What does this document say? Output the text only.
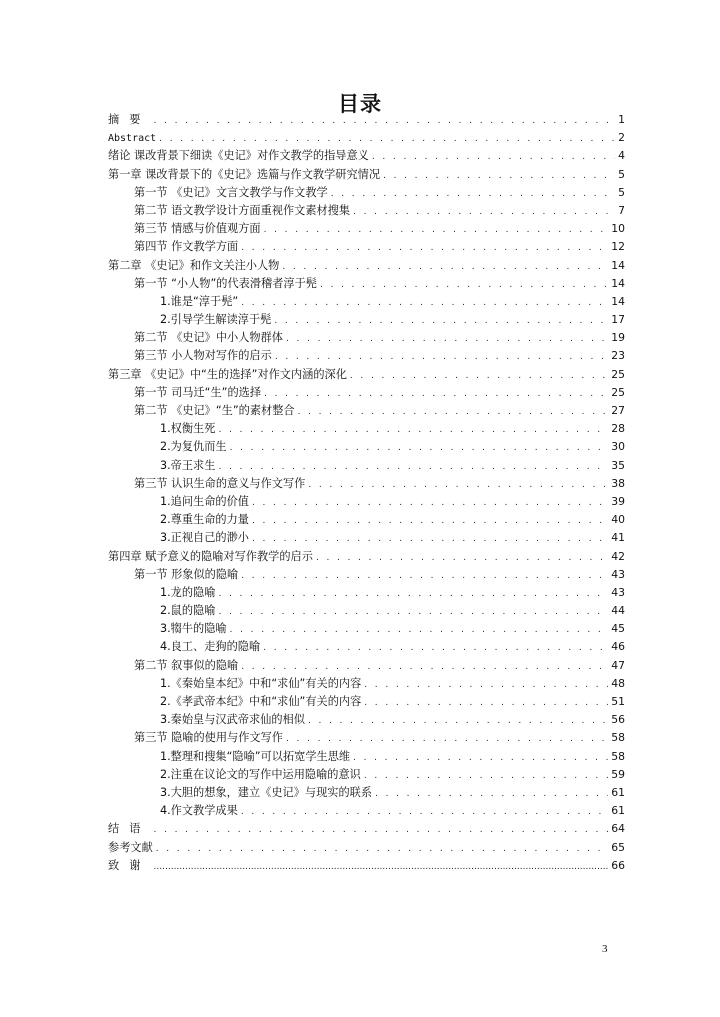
目录
摘要 . . .	1
Abstract . . .	2
绪论 课改背景下细读《史记》对作文教学的指导意义 . . .	4
第一章 课改背景下的《史记》选篇与作文教学研究情况 . . .	5
第一节 《史记》文言文教学与作文教学 . . .	5
第二节 语文教学设计方面重视作文素材搜集 . . .	7
第三节 情感与价值观方面 . . .	10
第四节 作文教学方面 . . .	12
第二章 《史记》和作文关注小人物 . . .	14
第一节 “小人物”的代表滑稽者淳于髡 . . .	14
1.谁是“淳于髡” . . .	14
2.引导学生解读淳于髡 . . .	17
第二节 《史记》中小人物群体 . . .	19
第三节 小人物对写作的启示 . . .	23
第三章 《史记》中“生的选择”对作文内涵的深化 . . .	25
第一节 司马迁“生”的选择 . . .	25
第二节 《史记》“生”的素材整合 . . .	27
1.权衡生死 . . .	28
2.为复仇而生 . . .	30
3.帝王求生 . . .	35
第三节 认识生命的意义与作文写作 . . .	38
1.追问生命的价值 . . .	39
2.尊重生命的力量 . . .	40
3.正视自己的渺小 . . .	41
第四章 赋予意义的隐喻对写作教学的启示 . . .	42
第一节 形象似的隐喻 . . .	43
1.龙的隐喻 . . .	43
2.鼠的隐喻 . . .	44
3.犓牛的隐喻 . . .	45
4.良工、走狗的隐喻 . . .	46
第二节 叙事似的隐喻 . . .	47
1.《秦始皇本纪》中和“求仙”有关的内容 . . .	48
2.《孝武帝本纪》中和“求仙”有关的内容 . . .	51
3.秦始皇与汉武帝求仙的相似 . . .	56
第三节 隐喻的使用与作文写作 . . .	58
1.整理和搜集“隐喻”可以拓宽学生思维 . . .	58
2.注重在议论文的写作中运用隐喻的意识 . . .	59
3.大胆的想象，建立《史记》与现实的联系 . . .	61
4.作文教学成果 . . .	61
结语 . . .	64
参考文献 . . .	65
致谢 .....	66
3
